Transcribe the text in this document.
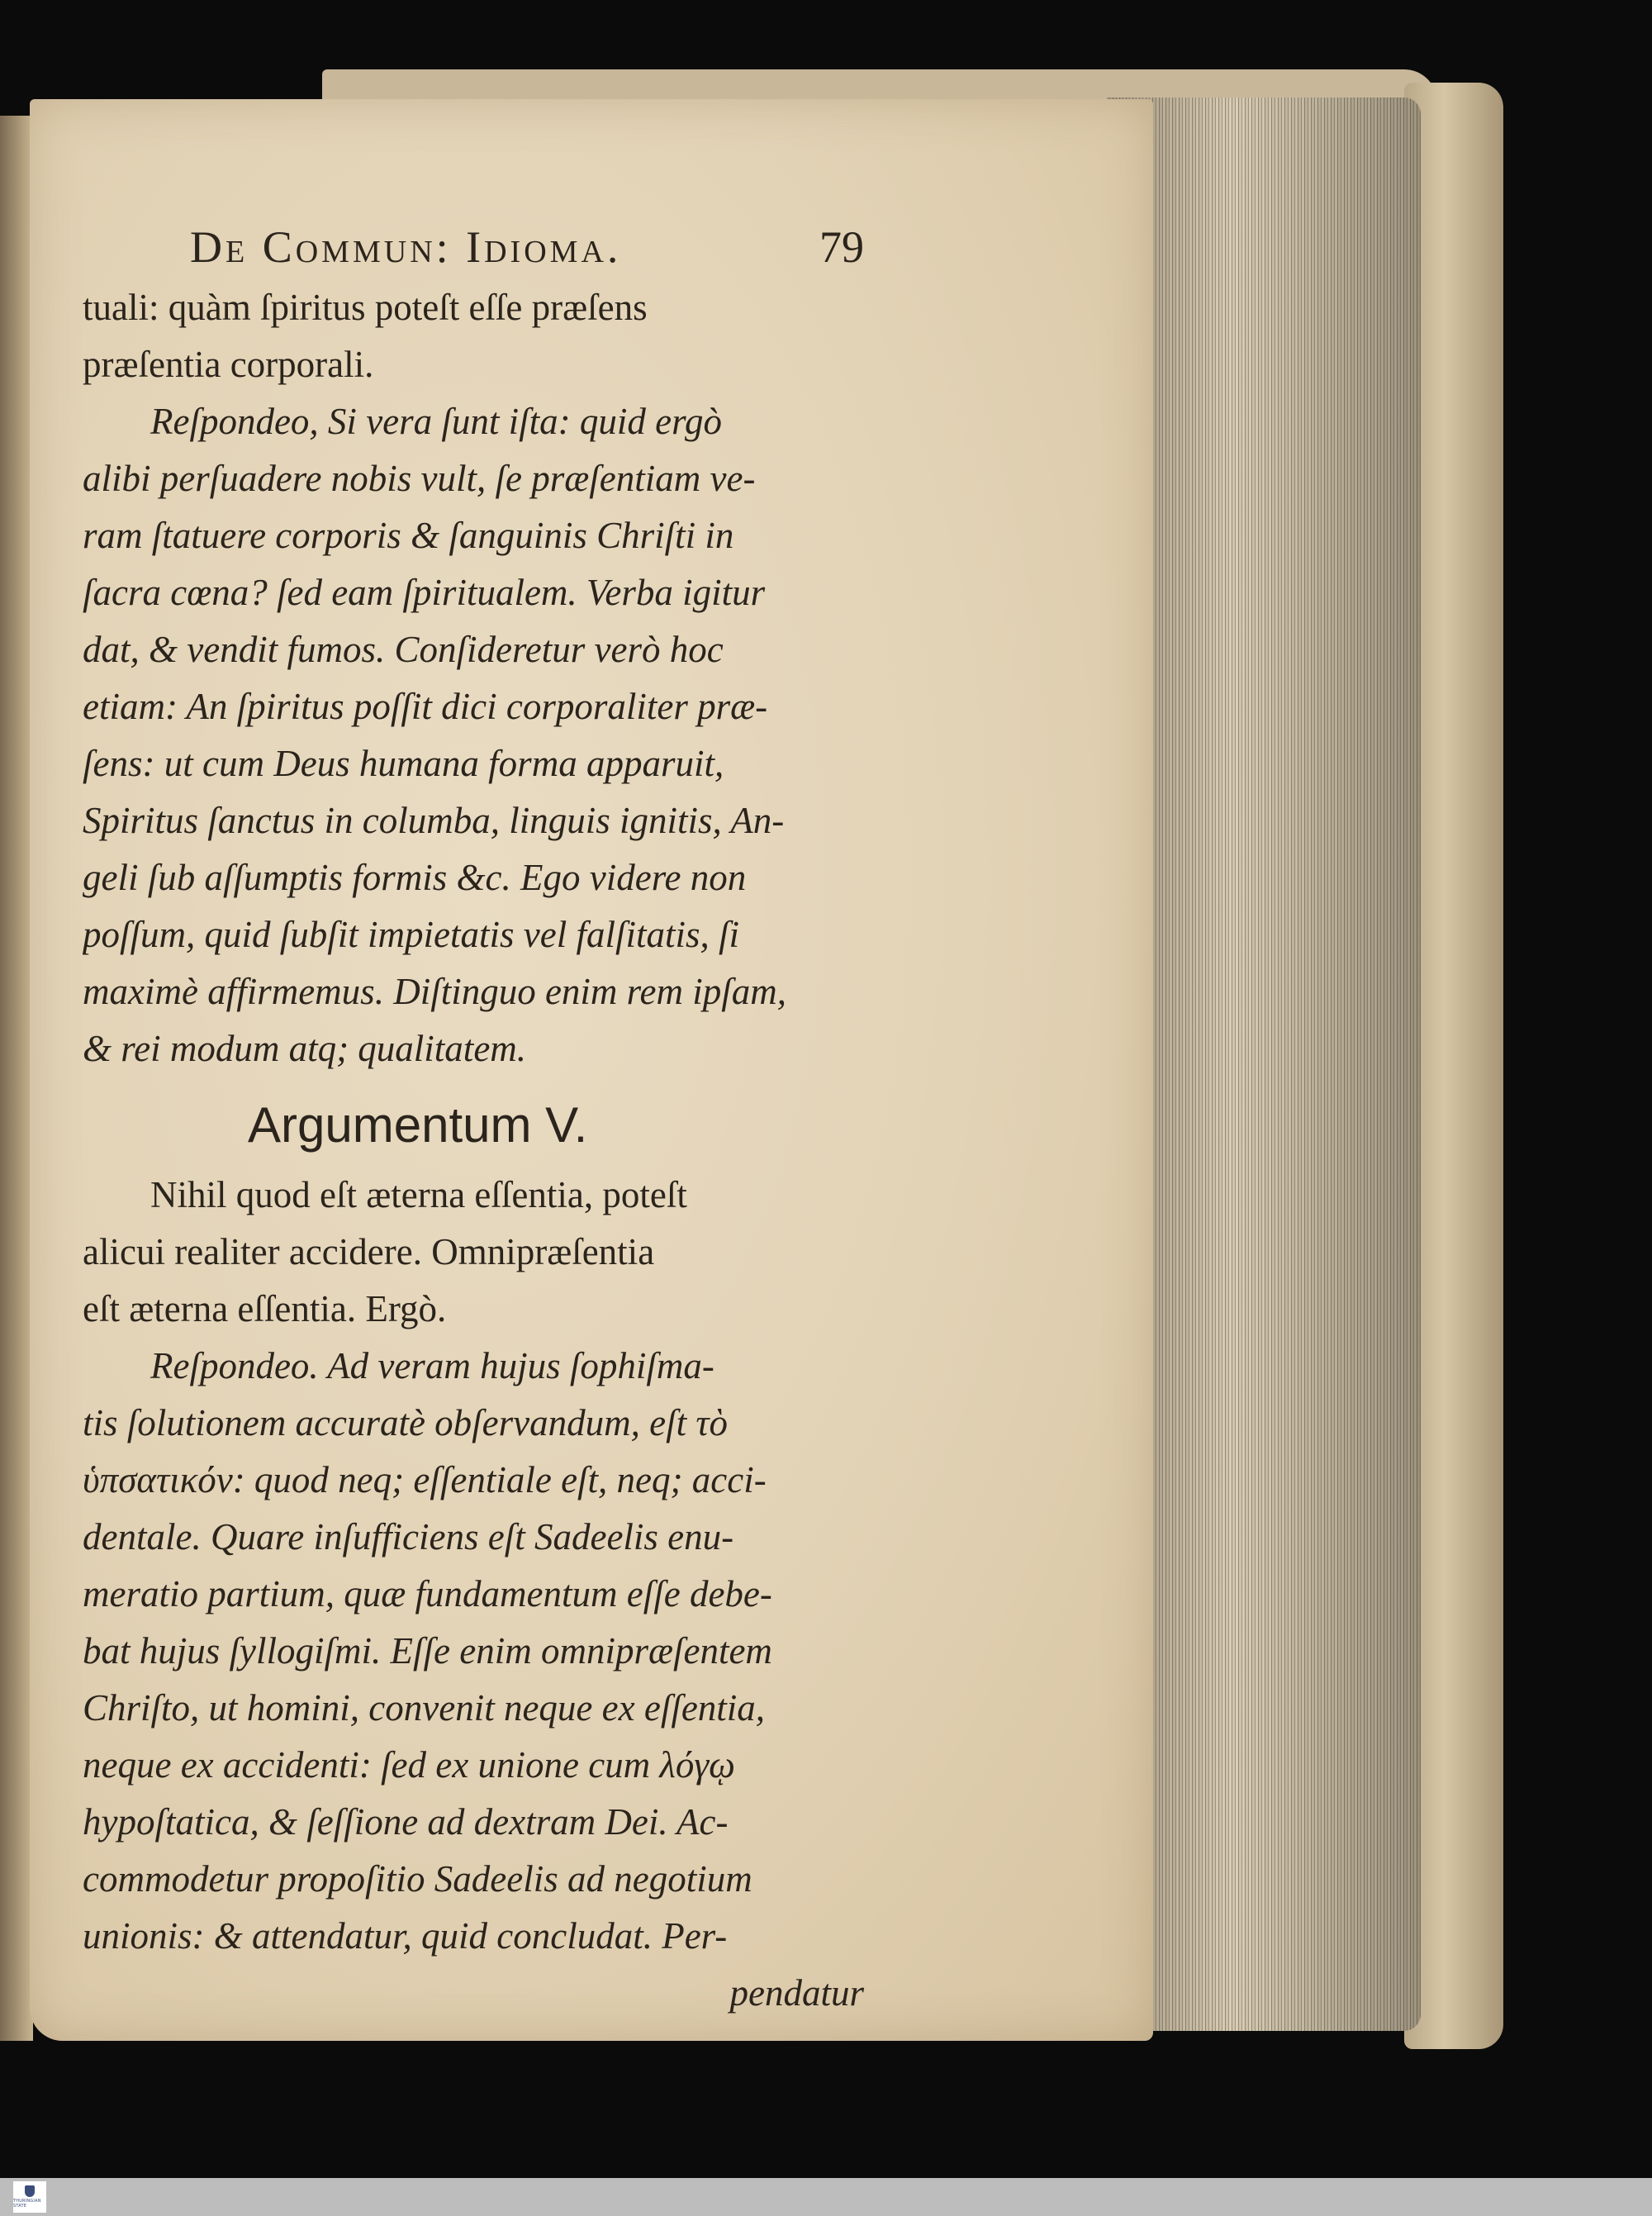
De Commun: Idioma.	79
tuali: quàm ſpiritus poteſt eſſe præſens
præſentia corporali.
Reſpondeo, Si vera ſunt iſta: quid ergò
alibi perſuadere nobis vult, ſe præſentiam ve-
ram ſtatuere corporis & ſanguinis Chriſti in
ſacra cœna? ſed eam ſpiritualem. Verba igitur
dat, & vendit fumos. Conſideretur verò hoc
etiam: An ſpiritus poſſit dici corporaliter præ-
ſens: ut cum Deus humana forma apparuit,
Spiritus ſanctus in columba, linguis ignitis, An-
geli ſub aſſumptis formis &c. Ego videre non
poſſum, quid ſubſit impietatis vel falſitatis, ſi
maximè affirmemus. Diſtinguo enim rem ipſam,
& rei modum atq; qualitatem.
Argumentum V.
Nihil quod eſt æterna eſſentia, poteſt
alicui realiter accidere. Omnipræſentia
eſt æterna eſſentia. Ergò.
Reſpondeo. Ad veram hujus ſophiſma-
tis ſolutionem accuratè obſervandum, eſt τὸ
ὑπσατικόν: quod neq; eſſentiale eſt, neq; acci-
dentale. Quare inſufficiens eſt Sadeelis enu-
meratio partium, quæ fundamentum eſſe debe-
bat hujus ſyllogiſmi. Eſſe enim omnipræſentem
Chriſto, ut homini, convenit neque ex eſſentia,
neque ex accidenti: ſed ex unione cum λόγῳ
hypoſtatica, & ſeſſione ad dextram Dei. Ac-
commodetur propoſitio Sadeelis ad negotium
unionis: & attendatur, quid concludat. Per-
pendatur
THURINGIAN STATE
